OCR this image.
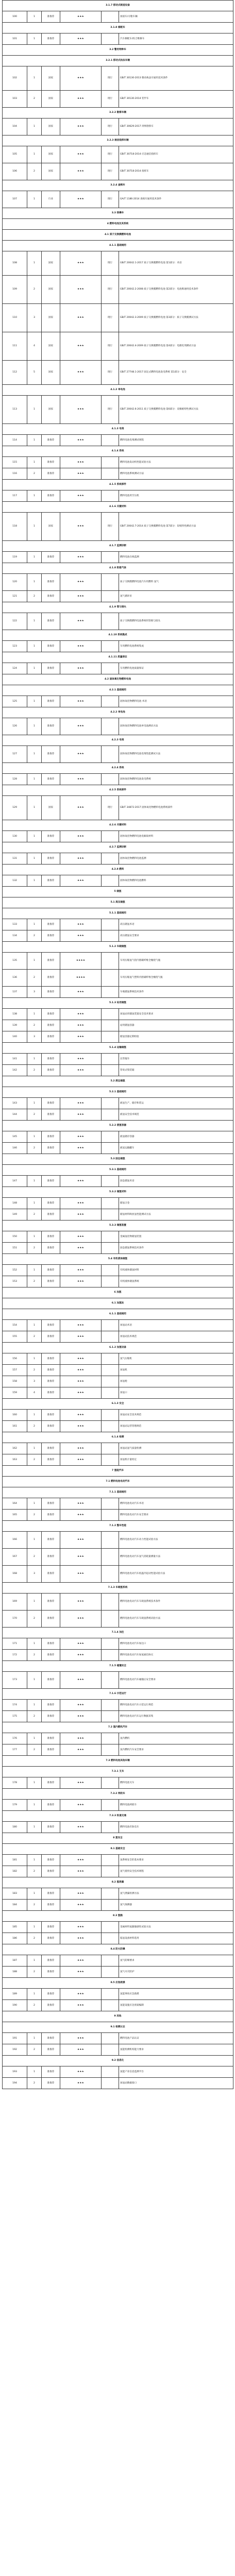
3.1.7 移动式制造设备					
100	1	准推荐	★★★		加固车/方舱车辆
3.1.8 修配车					
101	1	准推荐	★★★		汽车修配车/综合维修车
3.2 警用特种车					
3.2.1 移动式执法车辆					
102	1	国家	★★★	现行	GB/T 30130-2013 移动执法车通用技术条件
103	2	国家	★★★	现行	GB/T 30130-2014 装甲车
3.2.2 勘察车辆					
104	1	国家	★★★	现行	GB/T 30629-2017 刑事勘察车
3.2.3 通信指挥车辆					
105	1	国家	★★★	现行	GB/T 30718-2014 应急通信指挥车
106	2	国家	★★★	现行	GB/T 30718-2014 指挥车
3.2.4 查缉车					
107	1	行业	★★★	现行	GA/T 1186-2014 查缉车通用技术条件
3.3 排爆车					
4 燃料电池及其系统					
4.1 质子交换膜燃料电池					
4.1.1 基础通用					
108	1	国家	★★★	现行	GB/T 20042.1-2017 质子交换膜燃料电池 第1部分：术语
109	2	国家	★★★	现行	GB/T 20042.2-2008 质子交换膜燃料电池 第2部分：电池堆通用技术条件
110	3	国家	★★★	现行	GB/T 20042.3-2009 质子交换膜燃料电池 第3部分：质子交换膜测试方法
111	4	国家	★★★	现行	GB/T 20042.4-2009 质子交换膜燃料电池 第4部分：电催化剂测试方法
112	5	国家	★★★	现行	GB/T 27748.1-2017 固定式燃料电池发电系统 第1部分：安全
4.1.2 单电池					
113	1	国家	★★★	现行	GB/T 20042.6-2011 质子交换膜燃料电池 第6部分：双极板特性测试方法
4.1.3 电堆					
114	1	准推荐	★★★		燃料电池电堆测试规程
4.1.4 系统					
115	1	准推荐	★★★		燃料电池发动机性能试验方法
116	2	准推荐	★★★		燃料电池系统测试方法
4.1.5 系统部件					
117	1	准推荐	★★★		燃料电池用空压机
4.1.6 关键材料					
118	1	国家	★★★	现行	GB/T 20042.7-2014 质子交换膜燃料电池 第7部分：炭纸特性测试方法
4.1.7 监测诊断					
119	1	准推荐	★★★		燃料电池在线监测
4.1.8 阳极气体					
120	1	准推荐	★★★		质子交换膜燃料电池汽车用燃料 氢气
121	2	准推荐	★★★		氢气循环泵
4.1.9 管与接头					
122	1	准推荐	★★★		质子交换膜燃料电池系统用管路与接头
4.1.10 系统集成					
123	1	准推荐	★★★		车用燃料电池系统集成
4.1.11 质量保证					
124	1	准推荐	★★★		车用燃料电池质量保证
4.2 固体氧化物燃料电池					
4.2.1 基础通用					
125	1	准推荐	★★★		固体氧化物燃料电池 术语
4.2.2 单电池					
126	1	准推荐	★★★		固体氧化物燃料电池单电池测试方法
4.2.3 电堆					
127	1	准推荐	★★★		固体氧化物燃料电池电堆性能测试方法
4.2.4 系统					
128	1	准推荐	★★★		固体氧化物燃料电池发电系统
4.2.5 系统部件					
129	1	国家	★★★	现行	GB/T 34872-2017 固体氧化物燃料电池系统部件
4.2.6 关键材料					
130	1	准推荐	★★★		固体氧化物燃料电池电解质材料
4.2.7 监测诊断					
131	1	准推荐	★★★		固体氧化物燃料电池监测
4.2.8 燃料					
132	1	准推荐	★★★		固体氧化物燃料电池燃料
5 储氢					
5.1 高压储氢					
5.1.1 基础通用					
133	1	准推荐	★★★		高压储氢术语
134	2	准推荐	★★★		高压储氢安全要求
5.1.2 车载储氢					
135	1	准推荐	★★★★		车用压缩氢气铝内胆碳纤维全缠绕气瓶
136	2	准推荐	★★★★		车用压缩氢气塑料内胆碳纤维全缠绕气瓶
137	3	准推荐	★★★		车载储氢系统技术条件
5.1.3 站用储氢					
138	1	准推荐	★★★		加氢站用储氢装置安全技术要求
139	2	准推荐	★★★		站用储氢容器
140	3	准推荐	★★★		储氢容器定期检验
5.1.4 运输储氢					
141	1	准推荐	★★★		长管拖车
142	2	准推荐	★★★		管束式集装箱
5.2 液态储氢					
5.2.1 基础通用					
143	1	准推荐	★★★		液氢生产、储存和装运
144	2	准推荐	★★★		液氢安全技术规范
5.2.2 液氢容器					
145	1	准推荐	★★★		液氢储存容器
146	2	准推荐	★★★		液氢运输罐车
5.3 固态储氢					
5.3.1 基础通用					
147	1	准推荐	★★★		固态储氢术语
5.3.2 储氢材料					
148	1	准推荐	★★★		储氢合金
149	2	准推荐	★★★		储氢材料吸放氢性能测试方法
5.3.3 储氢装置					
150	1	准推荐	★★★		金属氢化物储氢装置
151	2	准推荐	★★★		固态储氢系统技术条件
5.4 有机液体储氢					
152	1	准推荐	★★★		有机液体储氢材料
153	2	准推荐	★★★		有机液体储氢系统
6 加氢					
6.1 加氢站					
6.1.1 基础通用					
154	1	准推荐	★★★		加氢站术语
155	2	准推荐	★★★		加氢站技术规范
6.1.2 加氢设备					
156	1	准推荐	★★★		氢气压缩机
157	2	准推荐	★★★		加氢机
158	3	准推荐	★★★		加氢枪
159	4	准推荐	★★★		加氢口
6.1.3 安全					
160	1	准推荐	★★★		加氢站安全技术规范
161	2	准推荐	★★★		加氢站运营管理规范
6.1.4 检测					
162	1	准推荐	★★★		加氢站氢气质量检测
163	2	准推荐	★★★		加氢机计量检定
7 氢能汽车					
7.1 燃料电池电动汽车					
7.1.1 基础通用					
164	1	准推荐	★★★		燃料电池电动汽车术语
165	2	准推荐	★★★		燃料电池电动汽车安全要求
7.1.2 整车性能					
166	1	准推荐	★★★		燃料电池电动汽车动力性能试验方法
167	2	准推荐	★★★		燃料电池电动汽车氢气消耗量测量方法
168	3	准推荐	★★★		燃料电池电动汽车低温冷起动性能试验方法
7.1.3 车载氢系统					
169	1	准推荐	★★★		燃料电池电动汽车车载氢系统技术条件
170	2	准推荐	★★★		燃料电池电动汽车车载氢系统试验方法
7.1.4 加注					
171	1	准推荐	★★★		燃料电池电动汽车加注口
172	2	准推荐	★★★		燃料电池电动汽车加氢通信协议
7.1.5 碰撞安全					
173	1	准推荐	★★★		燃料电池电动汽车碰撞后安全要求
7.1.6 示范运行					
174	1	准推荐	★★★		燃料电池电动汽车示范运行规范
175	2	准推荐	★★★		燃料电池电动汽车运行数据采集
7.2 氢内燃机汽车					
176	1	准推荐	★★★		氢内燃机
177	2	准推荐	★★★		氢内燃机汽车安全要求
7.3 燃料电池其他车辆					
7.3.1 叉车					
178	1	准推荐	★★★		燃料电池叉车
7.3.2 两轮车					
179	1	准推荐	★★★		燃料电池两轮车
7.3.3 轨道交通					
180	1	准推荐	★★★		燃料电池有轨电车
8 氢安全					
8.1 基础安全					
181	1	准推荐	★★★		氢系统安全的基本要求
182	2	准推荐	★★★		氢气使用安全技术规程
8.2 氢泄漏					
183	1	准推荐	★★★		氢气泄漏检测方法
184	2	准推荐	★★★		氢气探测器
8.3 氢脆					
185	1	准推荐	★★★		金属材料氢脆敏感性试验方法
186	2	准推荐	★★★		临氢设备材料选用
8.4 防火防爆					
187	1	准推荐	★★★		氢气防爆要求
188	2	准推荐	★★★		氢气火灾防护
8.5 应急救援					
189	1	准推荐	★★★		氢能事故应急救援
190	2	准推荐	★★★		氢能设施应急预案编制
9 其他					
9.1 检测认证					
191	1	准推荐	★★★		燃料电池产品认证
192	2	准推荐	★★★		氢能检测机构能力要求
9.2 信息化					
193	1	准推荐	★★★		氢能产业信息监测平台
194	2	准推荐	★★★		加氢站数据接口
